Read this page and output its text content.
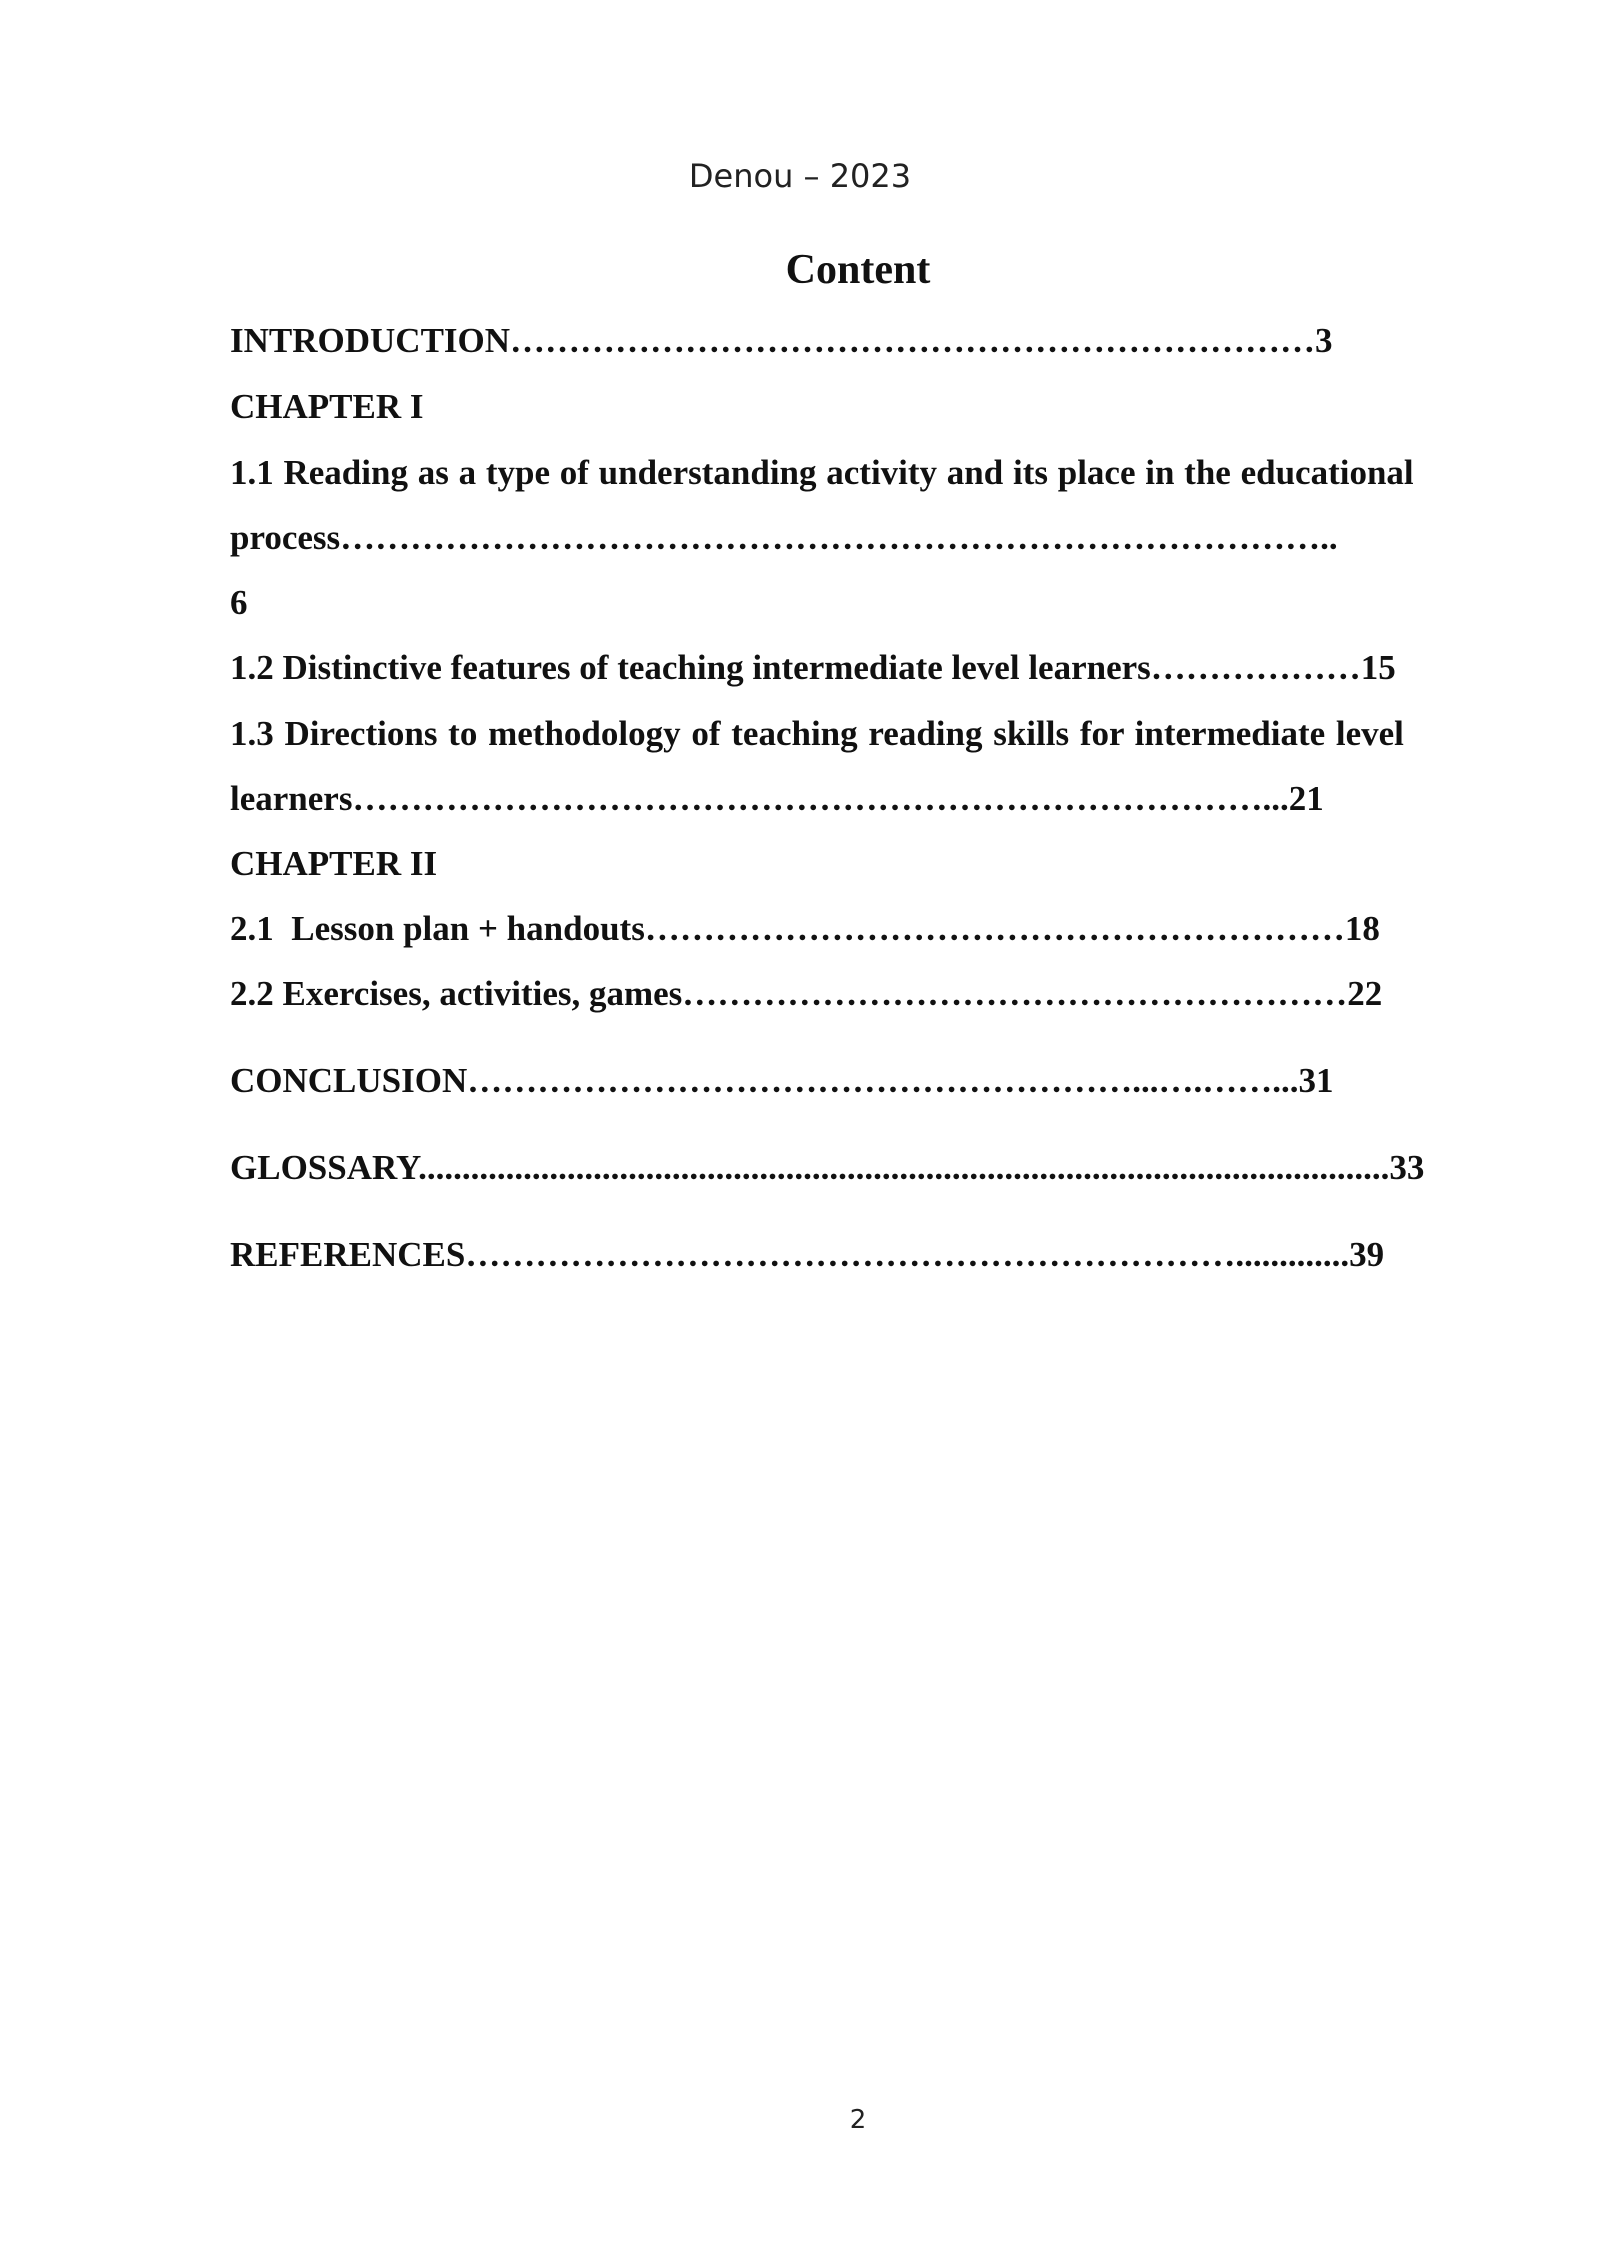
Denou – 2023
Content
INTRODUCTION……………………………………………………………3
CHAPTER I
1.1 Reading as a type of understanding activity and its place in the educational
process…………………………………………………………………………..
6
1.2 Distinctive features of teaching intermediate level learners………………15
1.3 Directions to methodology of teaching reading skills for intermediate level
learners……………………………………………………………………...21
CHAPTER II
2.1  Lesson plan + handouts……………………………………………………18
2.2 Exercises, activities, games…………………………………………………22
CONCLUSION…………………………………………………...….……...31
GLOSSARY...............................................................................................................33
REFERENCES………………………………………………………….............39
2
